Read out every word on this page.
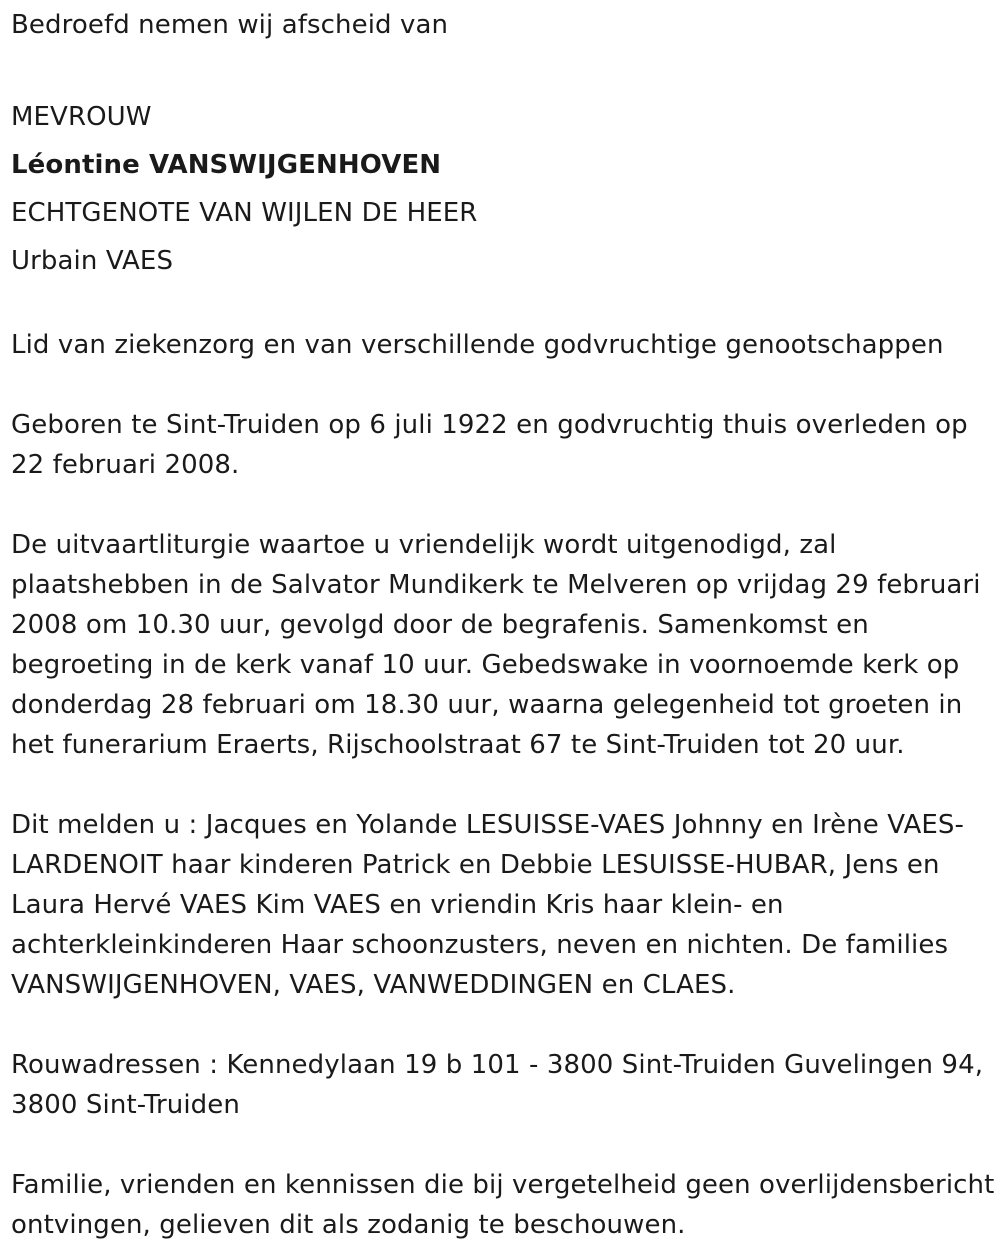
Bedroefd nemen wij afscheid van

MEVROUW

Léontine VANSWIJGENHOVEN

ECHTGENOTE VAN WIJLEN DE HEER

Urbain VAES

Lid van ziekenzorg en van verschillende godvruchtige genootschappen

Geboren te Sint-Truiden op 6 juli 1922 en godvruchtig thuis overleden op 22 februari 2008.

De uitvaartliturgie waartoe u vriendelijk wordt uitgenodigd, zal plaatshebben in de Salvator Mundikerk te Melveren op vrijdag 29 februari 2008 om 10.30 uur, gevolgd door de begrafenis. Samenkomst en begroeting in de kerk vanaf 10 uur. Gebedswake in voornoemde kerk op donderdag 28 februari om 18.30 uur, waarna gelegenheid tot groeten in het funerarium Eraerts, Rijschoolstraat 67 te Sint-Truiden tot 20 uur.

Dit melden u : Jacques en Yolande LESUISSE-VAES Johnny en Irène VAES-LARDENOIT haar kinderen Patrick en Debbie LESUISSE-HUBAR, Jens en Laura Hervé VAES Kim VAES en vriendin Kris haar klein- en achterkleinkinderen Haar schoonzusters, neven en nichten. De families VANSWIJGENHOVEN, VAES, VANWEDDINGEN en CLAES.

Rouwadressen : Kennedylaan 19 b 101 - 3800 Sint-Truiden Guvelingen 94, 3800 Sint-Truiden

Familie, vrienden en kennissen die bij vergetelheid geen overlijdensbericht ontvingen, gelieven dit als zodanig te beschouwen.
